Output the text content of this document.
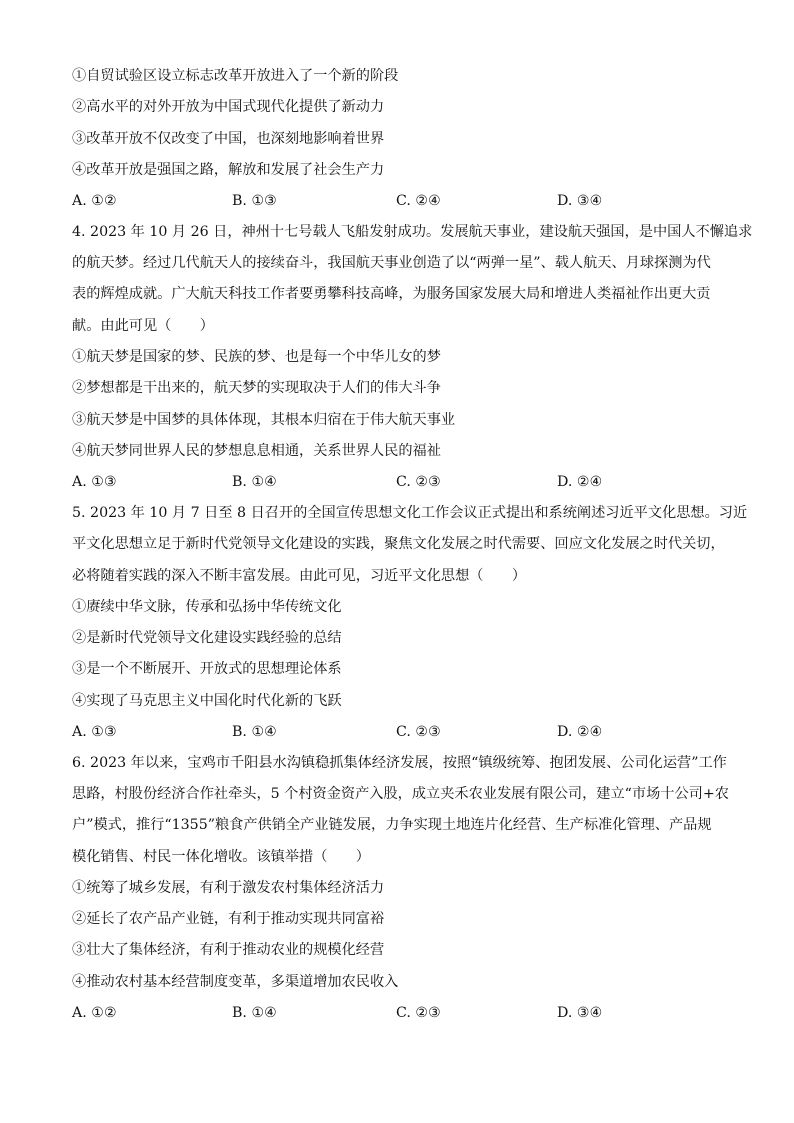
①自贸试验区设立标志改革开放进入了一个新的阶段
②高水平的对外开放为中国式现代化提供了新动力
③改革开放不仅改变了中国，也深刻地影响着世界
④改革开放是强国之路，解放和发展了社会生产力
A. ①②	B. ①③	C. ②④	D. ③④
4. 2023 年 10 月 26 日，神州十七号载人飞船发射成功。发展航天事业，建设航天强国，是中国人不懈追求
的航天梦。经过几代航天人的接续奋斗，我国航天事业创造了以“两弹一星”、载人航天、月球探测为代
表的辉煌成就。广大航天科技工作者要勇攀科技高峰，为服务国家发展大局和增进人类福祉作出更大贡
献。由此可见（　　）
①航天梦是国家的梦、民族的梦、也是每一个中华儿女的梦
②梦想都是干出来的，航天梦的实现取决于人们的伟大斗争
③航天梦是中国梦的具体体现，其根本归宿在于伟大航天事业
④航天梦同世界人民的梦想息息相通，关系世界人民的福祉
A. ①③	B. ①④	C. ②③	D. ②④
5. 2023 年 10 月 7 日至 8 日召开的全国宣传思想文化工作会议正式提出和系统阐述习近平文化思想。习近
平文化思想立足于新时代党领导文化建设的实践，聚焦文化发展之时代需要、回应文化发展之时代关切，
必将随着实践的深入不断丰富发展。由此可见，习近平文化思想（　　）
①赓续中华文脉，传承和弘扬中华传统文化
②是新时代党领导文化建设实践经验的总结
③是一个不断展开、开放式的思想理论体系
④实现了马克思主义中国化时代化新的飞跃
A. ①③	B. ①④	C. ②③	D. ②④
6. 2023 年以来，宝鸡市千阳县水沟镇稳抓集体经济发展，按照“镇级统筹、抱团发展、公司化运营”工作
思路，村股份经济合作社牵头，5 个村资金资产入股，成立夹禾农业发展有限公司，建立“市场十公司+农
户”模式，推行“1355”粮食产供销全产业链发展，力争实现土地连片化经营、生产标准化管理、产品规
模化销售、村民一体化增收。该镇举措（　　）
①统筹了城乡发展，有利于激发农村集体经济活力
②延长了农产品产业链，有利于推动实现共同富裕
③壮大了集体经济，有利于推动农业的规模化经营
④推动农村基本经营制度变革，多渠道增加农民收入
A. ①②	B. ①④	C. ②③	D. ③④
